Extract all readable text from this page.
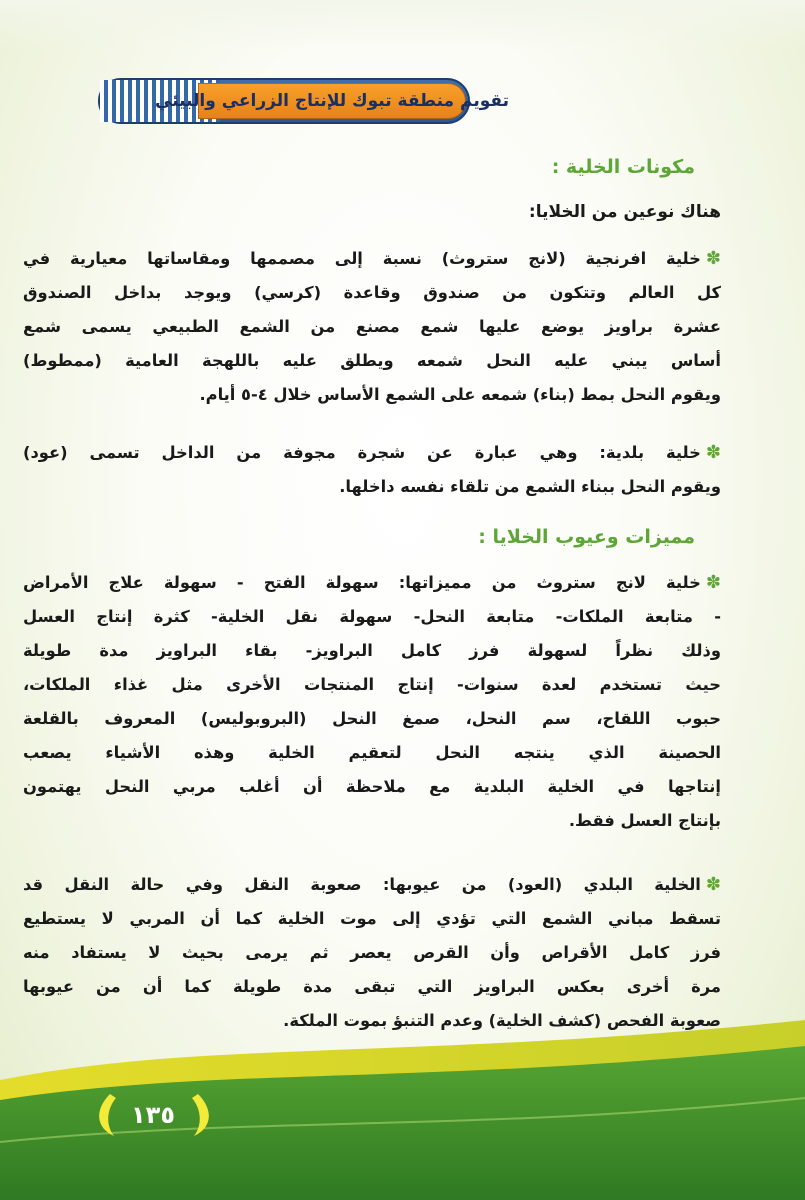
تقويم منطقة تبوك للإنتاج الزراعي والبيئي
مكونات الخلية :
هناك نوعين من الخلايا:
✽خلية افرنجية (لانج ستروث) نسبة إلى مصممها ومقاساتها معيارية في
كل العالم وتتكون من صندوق وقاعدة (كرسي) ويوجد بداخل الصندوق
عشرة براويز يوضع عليها شمع مصنع من الشمع الطبيعي يسمى شمع
أساس يبني عليه النحل شمعه ويطلق عليه باللهجة العامية (ممطوط)
ويقوم النحل بمط (بناء) شمعه على الشمع الأساس خلال ٤-٥ أيام.
✽خلية بلدية: وهي عبارة عن شجرة مجوفة من الداخل تسمى (عود)
ويقوم النحل ببناء الشمع من تلقاء نفسه داخلها.
مميزات وعيوب الخلايا :
✽خلية لانج ستروث من مميزاتها: سهولة الفتح - سهولة علاج الأمراض
- متابعة الملكات- متابعة النحل- سهولة نقل الخلية- كثرة إنتاج العسل
وذلك نظراً لسهولة فرز كامل البراويز- بقاء البراويز مدة طويلة
حيث تستخدم لعدة سنوات- إنتاج المنتجات الأخرى مثل غذاء الملكات،
حبوب اللقاح، سم النحل، صمغ النحل (البروبوليس) المعروف بالقلعة
الحصينة الذي ينتجه النحل لتعقيم الخلية وهذه الأشياء يصعب
إنتاجها في الخلية البلدية مع ملاحظة أن أغلب مربي النحل يهتمون
بإنتاج العسل فقط.
✽الخلية البلدي (العود) من عيوبها: صعوبة النقل وفي حالة النقل قد
تسقط مباني الشمع التي تؤدي إلى موت الخلية كما أن المربي لا يستطيع
فرز كامل الأقراص وأن القرص يعصر ثم يرمى بحيث لا يستفاد منه
مرة أخرى بعكس البراويز التي تبقى مدة طويلة كما أن من عيوبها
صعوبة الفحص (كشف الخلية) وعدم التنبؤ بموت الملكة.
١٣٥
